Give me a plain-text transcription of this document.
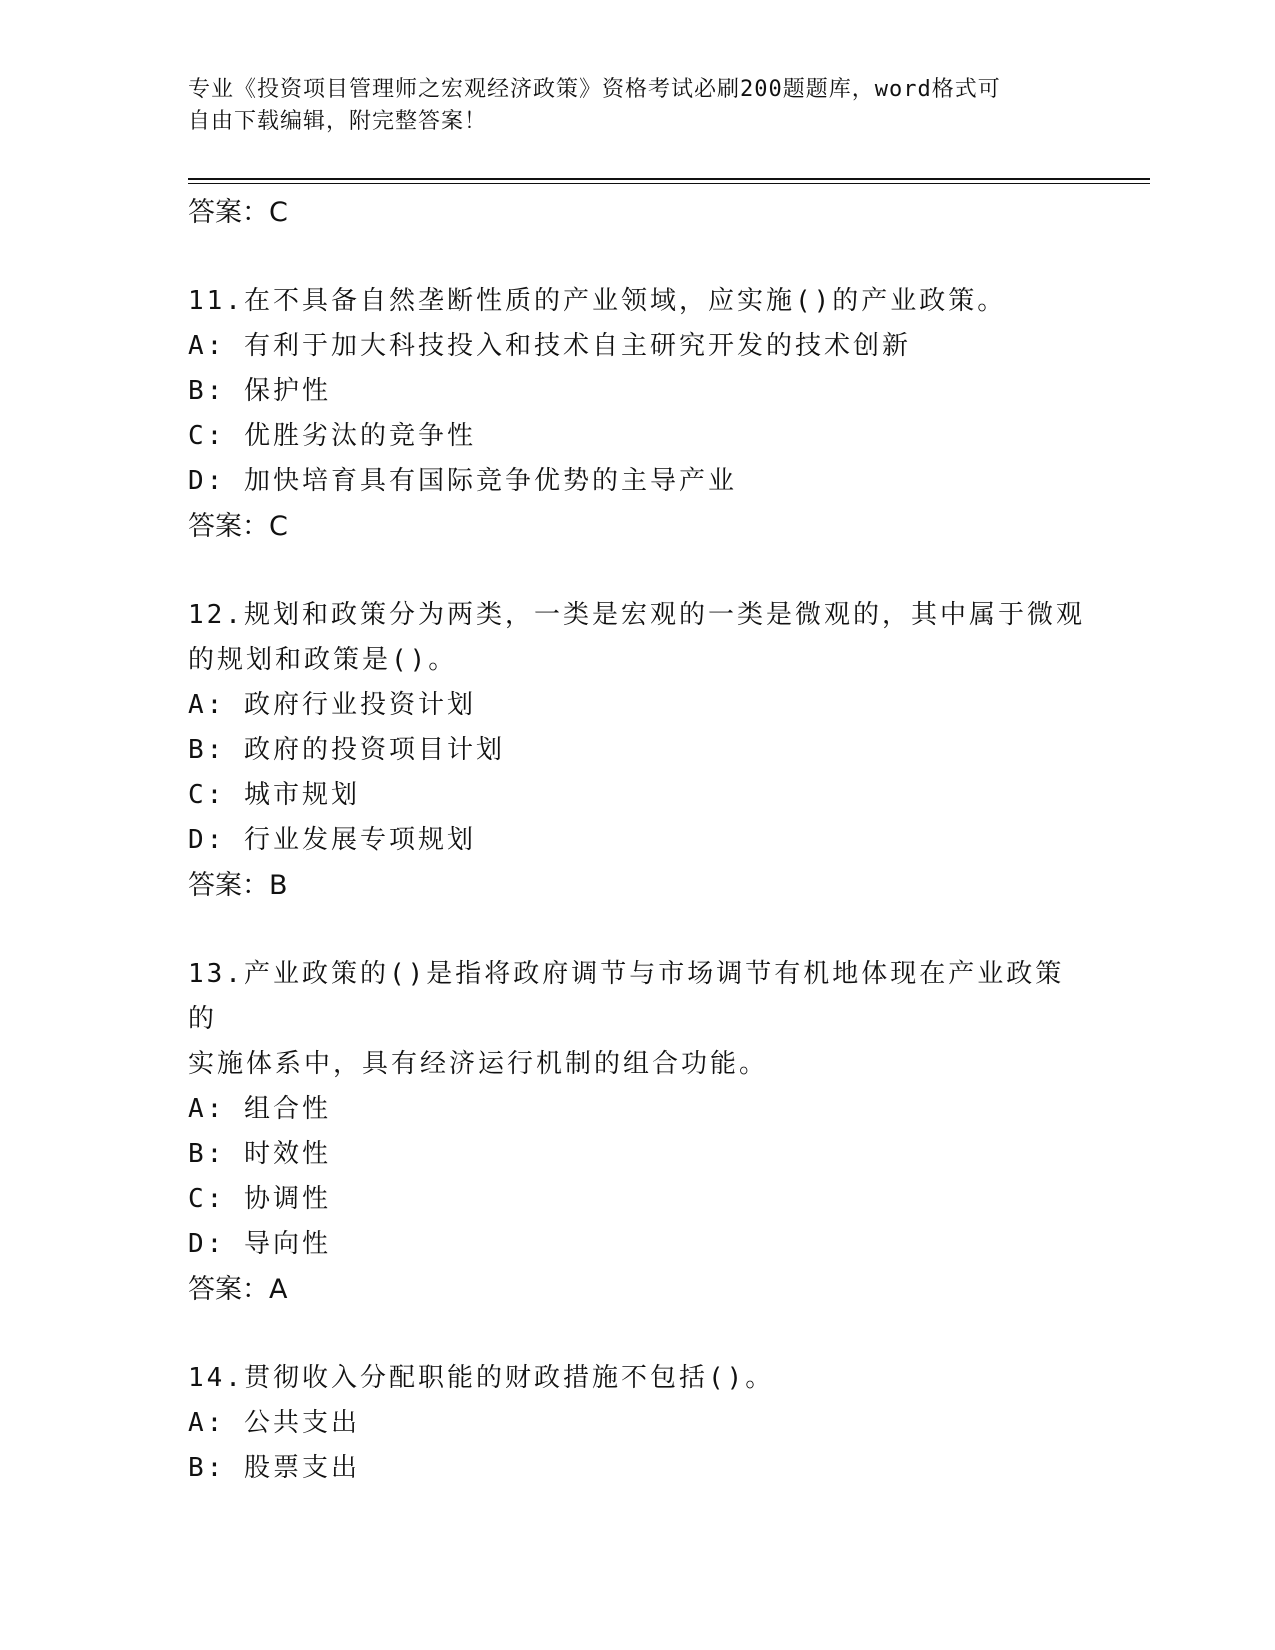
专业《投资项目管理师之宏观经济政策》资格考试必刷200题题库，word格式可
自由下载编辑，附完整答案！

答案：C

11.在不具备自然垄断性质的产业领域，应实施()的产业政策。

A: 有利于加大科技投入和技术自主研究开发的技术创新

B: 保护性

C: 优胜劣汰的竞争性

D: 加快培育具有国际竞争优势的主导产业

答案：C

12.规划和政策分为两类，一类是宏观的一类是微观的，其中属于微观

的规划和政策是()。

A: 政府行业投资计划

B: 政府的投资项目计划

C: 城市规划

D: 行业发展专项规划

答案：B

13.产业政策的()是指将政府调节与市场调节有机地体现在产业政策的

实施体系中，具有经济运行机制的组合功能。

A: 组合性

B: 时效性

C: 协调性

D: 导向性

答案：A

14.贯彻收入分配职能的财政措施不包括()。

A: 公共支出

B: 股票支出
